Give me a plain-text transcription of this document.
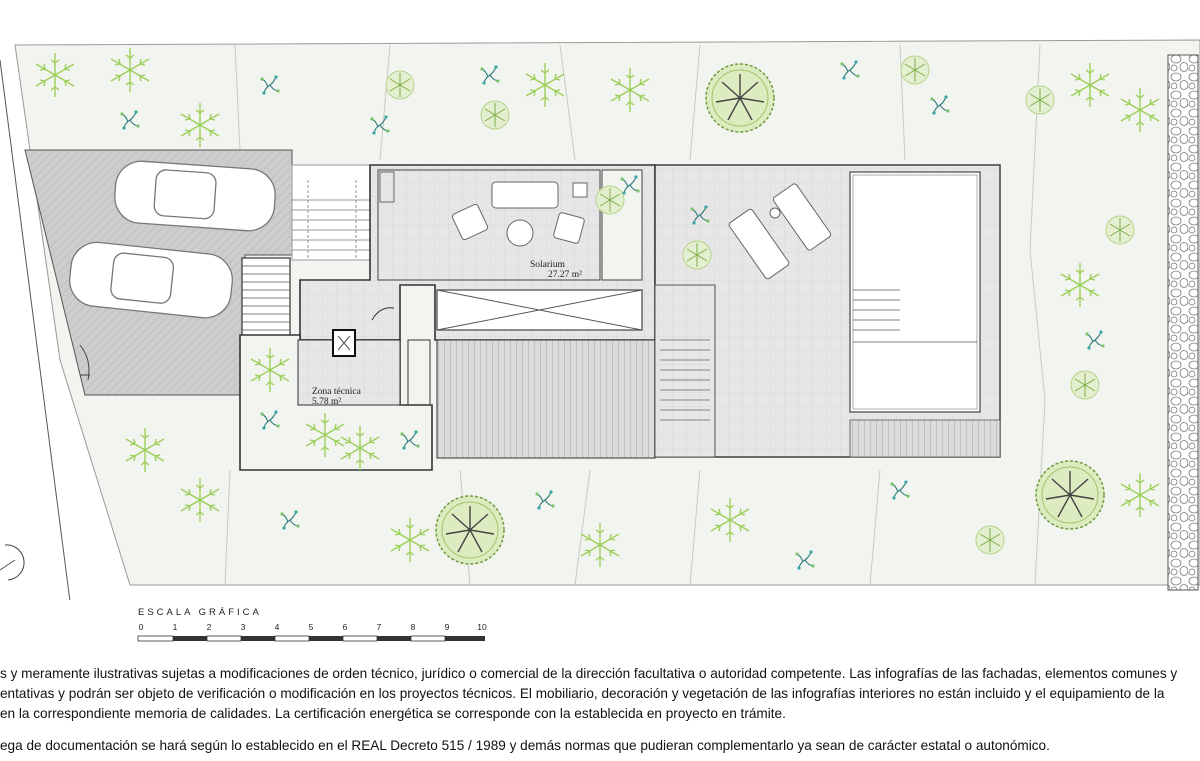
Solarium
27.27 m²
Zona técnica
5.78 m²
ESCALA GRÁFICA
0	1	2	3	4	5	6	7	8	9	10
s y meramente ilustrativas sujetas a modificaciones de orden técnico, jurídico o comercial de la dirección facultativa o autoridad competente. Las infografías de las fachadas, elementos comunes y
entativas y podrán ser objeto de verificación o modificación en los proyectos técnicos. El mobiliario, decoración y vegetación de las infografías interiores no están incluido y el equipamiento de la
en la correspondiente memoria de calidades. La certificación energética se corresponde con la establecida en proyecto en trámite.
ega de documentación se hará según lo establecido en el REAL Decreto 515 / 1989 y demás normas que pudieran complementarlo ya sean de carácter estatal o autonómico.
